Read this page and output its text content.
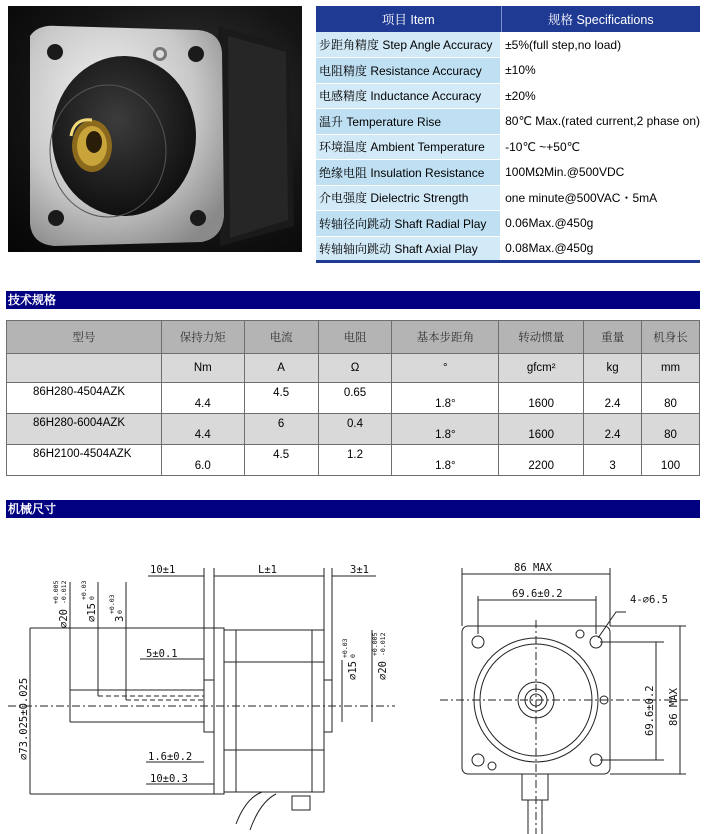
项目 Item	规格 Specifications
步距角精度 Step Angle Accuracy	±5%(full step,no load)
电阻精度 Resistance Accuracy	±10%
电感精度 Inductance Accuracy	±20%
温升 Temperature Rise	80℃ Max.(rated current,2 phase on)
环境温度 Ambient Temperature	-10℃ ~+50℃
绝缘电阻 Insulation Resistance	100MΩMin.@500VDC
介电强度 Dielectric Strength	one minute@500VAC・5mA
转轴径向跳动 Shaft Radial Play	0.06Max.@450g
转轴轴向跳动 Shaft Axial Play	0.08Max.@450g
技术规格
型号	保持力矩	电流	电阻	基本步距角	转动惯量	重量	机身长
	Nm	A	Ω	°	gfcm²	kg	mm
86H280-4504AZK	4.4	4.5	0.65	1.8°	1600	2.4	80
86H280-6004AZK	4.4	6	0.4	1.8°	1600	2.4	80
86H2100-4504AZK	6.0	4.5	1.2	1.8°	2200	3	100
机械尺寸
10±1	L±1	3±1
5±0.1
1.6±0.2
10±0.3
⌀73.025±0.025
⌀20
+0.005 -0.012
⌀15
+0.03 0
3
+0.03 0
⌀15
+0.03 0
⌀20
+0.005 -0.012
86 MAX
69.6±0.2	4-⌀6.5
69.6±0.2 86 MAX
